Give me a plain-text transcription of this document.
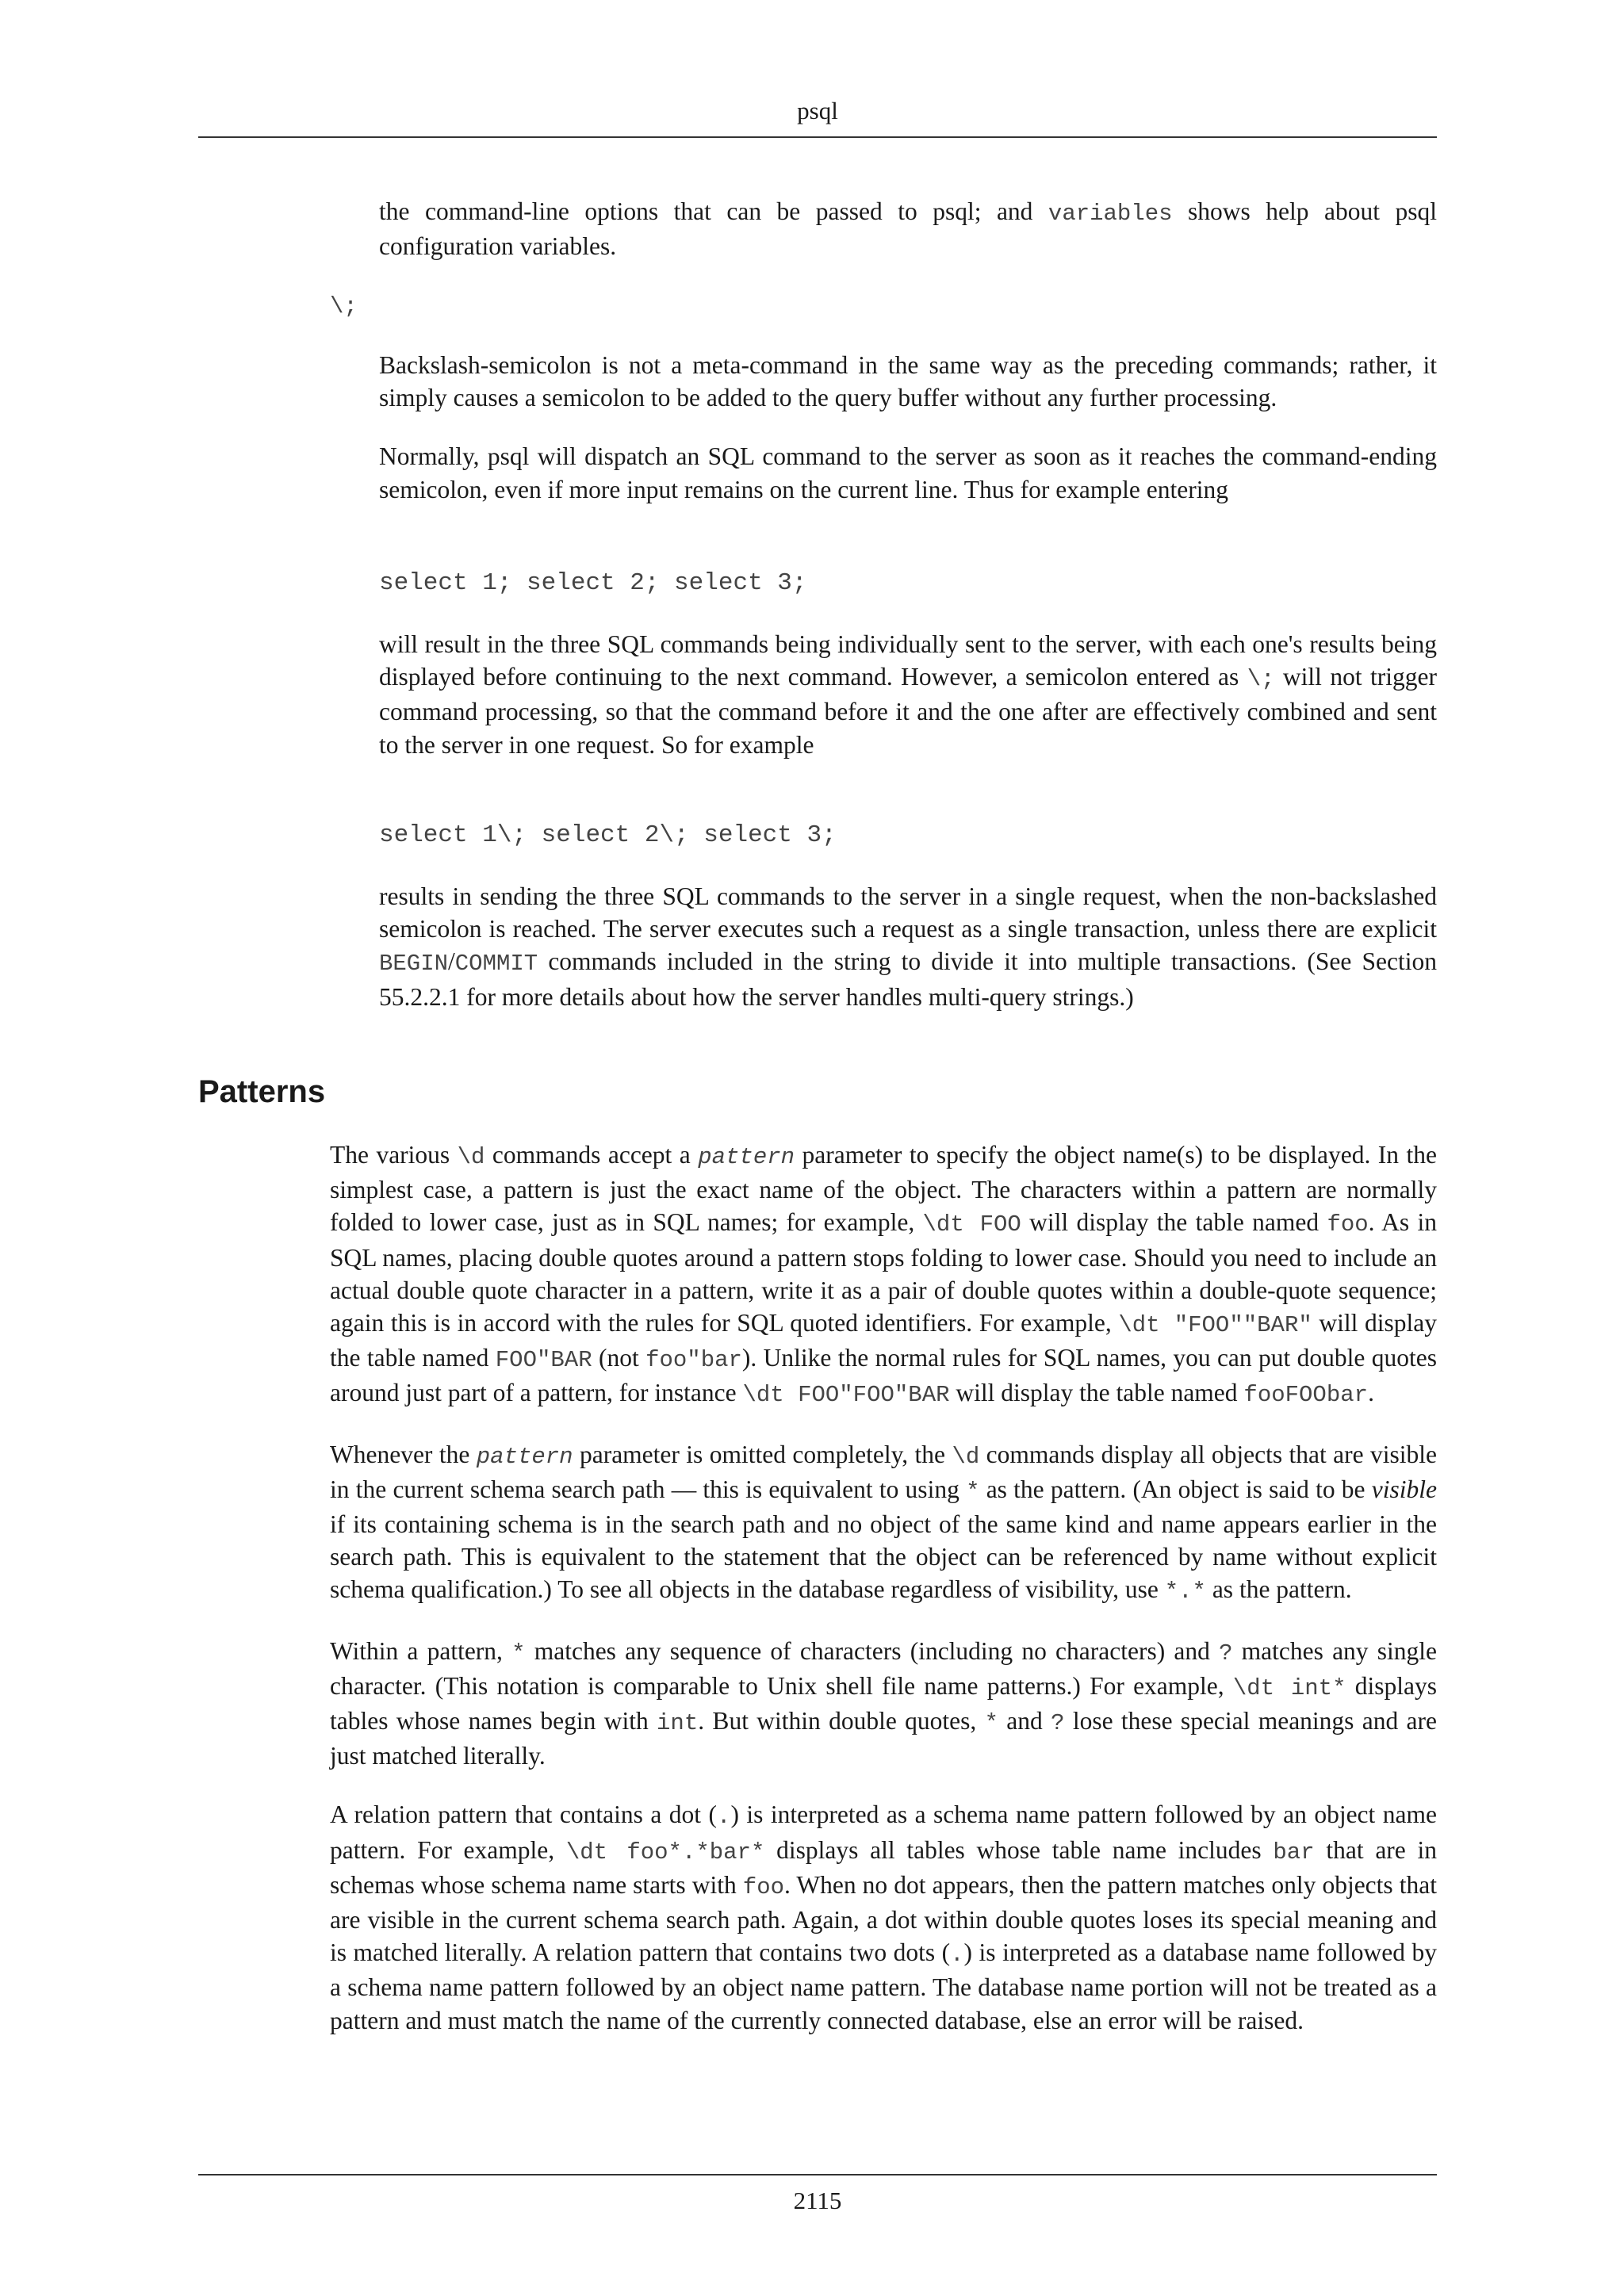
psql

the command-line options that can be passed to psql; and variables shows help about psql configuration variables.

\;

Backslash-semicolon is not a meta-command in the same way as the preceding commands; rather, it simply causes a semicolon to be added to the query buffer without any further processing.

Normally, psql will dispatch an SQL command to the server as soon as it reaches the command-ending semicolon, even if more input remains on the current line. Thus for example entering

select 1; select 2; select 3;

will result in the three SQL commands being individually sent to the server, with each one's results being displayed before continuing to the next command. However, a semicolon entered as \; will not trigger command processing, so that the command before it and the one after are effectively combined and sent to the server in one request. So for example

select 1\; select 2\; select 3;

results in sending the three SQL commands to the server in a single request, when the non-backslashed semicolon is reached. The server executes such a request as a single transaction, unless there are explicit BEGIN/COMMIT commands included in the string to divide it into multiple transactions. (See Section 55.2.2.1 for more details about how the server handles multi-query strings.)

Patterns

The various \d commands accept a pattern parameter to specify the object name(s) to be displayed. In the simplest case, a pattern is just the exact name of the object. The characters within a pattern are normally folded to lower case, just as in SQL names; for example, \dt FOO will display the table named foo. As in SQL names, placing double quotes around a pattern stops folding to lower case. Should you need to include an actual double quote character in a pattern, write it as a pair of double quotes within a double-quote sequence; again this is in accord with the rules for SQL quoted identifiers. For example, \dt "FOO""BAR" will display the table named FOO"BAR (not foo"bar). Unlike the normal rules for SQL names, you can put double quotes around just part of a pattern, for instance \dt FOO"FOO"BAR will display the table named fooFOObar.

Whenever the pattern parameter is omitted completely, the \d commands display all objects that are visible in the current schema search path — this is equivalent to using * as the pattern. (An object is said to be visible if its containing schema is in the search path and no object of the same kind and name appears earlier in the search path. This is equivalent to the statement that the object can be referenced by name without explicit schema qualification.) To see all objects in the database regardless of visibility, use *.* as the pattern.

Within a pattern, * matches any sequence of characters (including no characters) and ? matches any single character. (This notation is comparable to Unix shell file name patterns.) For example, \dt int* displays tables whose names begin with int. But within double quotes, * and ? lose these special meanings and are just matched literally.

A relation pattern that contains a dot (.) is interpreted as a schema name pattern followed by an object name pattern. For example, \dt foo*.*bar* displays all tables whose table name includes bar that are in schemas whose schema name starts with foo. When no dot appears, then the pattern matches only objects that are visible in the current schema search path. Again, a dot within double quotes loses its special meaning and is matched literally. A relation pattern that contains two dots (.) is interpreted as a database name followed by a schema name pattern followed by an object name pattern. The database name portion will not be treated as a pattern and must match the name of the currently connected database, else an error will be raised.

2115
